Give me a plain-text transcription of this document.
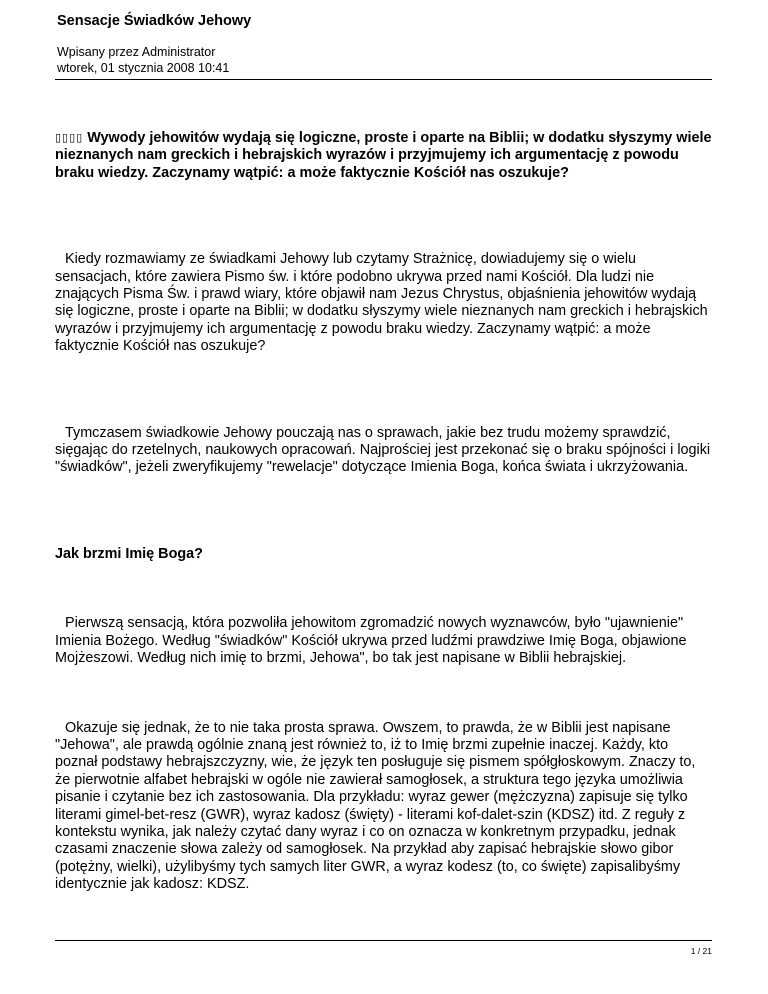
Sensacje Świadków Jehowy
Wpisany przez Administrator
wtorek, 01 stycznia 2008 10:41

▯▯▯▯ Wywody jehowitów wydają się logiczne, proste i oparte na Biblii; w dodatku słyszymy wiele nieznanych nam greckich i hebrajskich wyrazów i przyjmujemy ich argumentację z powodu braku wiedzy. Zaczynamy wątpić: a może faktycznie Kościół nas oszukuje?

Kiedy rozmawiamy ze świadkami Jehowy lub czytamy Strażnicę, dowiadujemy się o wielu sensacjach, które zawiera Pismo św. i które podobno ukrywa przed nami Kościół. Dla ludzi nie znających Pisma Św. i prawd wiary, które objawił nam Jezus Chrystus, objaśnienia jehowitów wydają się logiczne, proste i oparte na Biblii; w dodatku słyszymy wiele nieznanych nam greckich i hebrajskich wyrazów i przyjmujemy ich argumentację z powodu braku wiedzy. Zaczynamy wątpić: a może faktycznie Kościół nas oszukuje?

Tymczasem świadkowie Jehowy pouczają nas o sprawach, jakie bez trudu możemy sprawdzić, sięgając do rzetelnych, naukowych opracowań. Najprościej jest przekonać się o braku spójności i logiki "świadków", jeżeli zweryfikujemy "rewelacje" dotyczące Imienia Boga, końca świata i ukrzyżowania.

Jak brzmi Imię Boga?

Pierwszą sensacją, która pozwoliła jehowitom zgromadzić nowych wyznawców, było "ujawnienie" Imienia Bożego. Według "świadków" Kościół ukrywa przed ludźmi prawdziwe Imię Boga, objawione Mojżeszowi. Według nich imię to brzmi, Jehowa", bo tak jest napisane w Biblii hebrajskiej.

Okazuje się jednak, że to nie taka prosta sprawa. Owszem, to prawda, że w Biblii jest napisane "Jehowa", ale prawdą ogólnie znaną jest również to, iż to Imię brzmi zupełnie inaczej. Każdy, kto poznał podstawy hebrajszczyzny, wie, że język ten posługuje się pismem spółgłoskowym. Znaczy to, że pierwotnie alfabet hebrajski w ogóle nie zawierał samogłosek, a struktura tego języka umożliwia pisanie i czytanie bez ich zastosowania. Dla przykładu: wyraz gewer (mężczyzna) zapisuje się tylko literami gimel-bet-resz (GWR), wyraz kadosz (święty) - literami kof-dalet-szin (KDSZ) itd. Z reguły z kontekstu wynika, jak należy czytać dany wyraz i co on oznacza w konkretnym przypadku, jednak czasami znaczenie słowa zależy od samogłosek. Na przykład aby zapisać hebrajskie słowo gibor (potężny, wielki), użylibyśmy tych samych liter GWR, a wyraz kodesz (to, co święte) zapisalibyśmy identycznie jak kadosz: KDSZ.

1 / 21
